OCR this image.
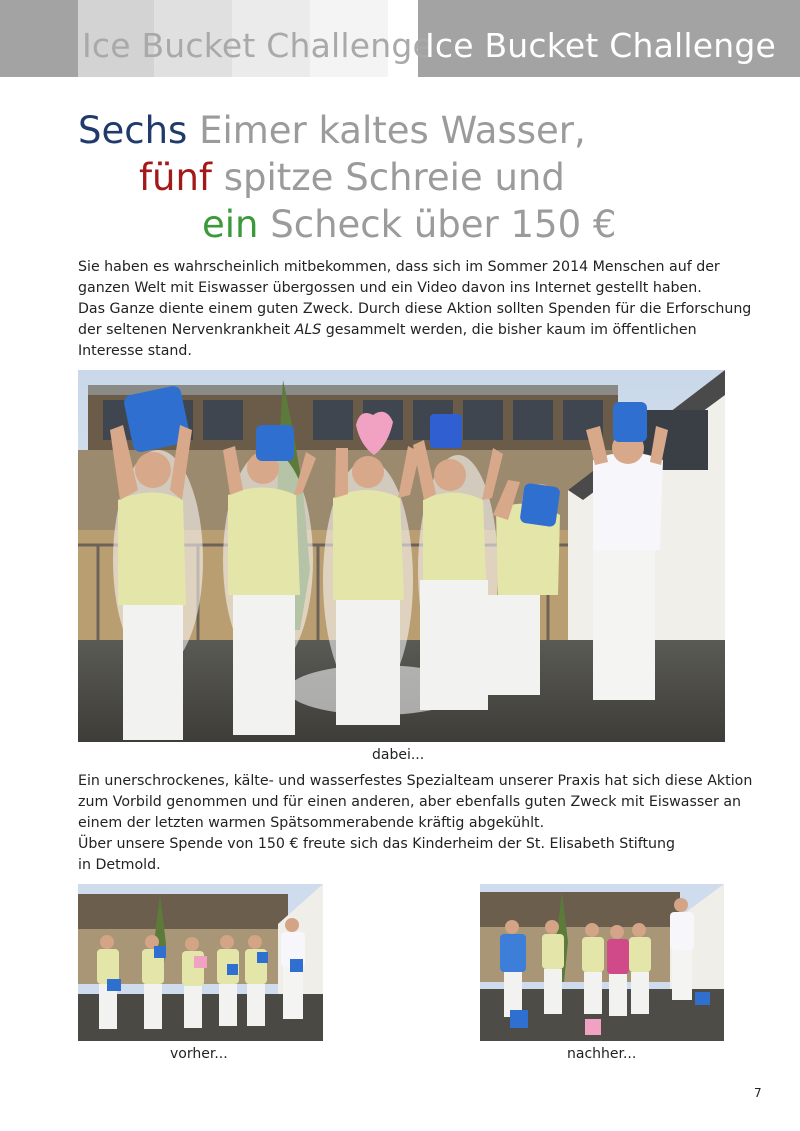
Ice Bucket Challenge
Ice Bucket Challenge
Sechs Eimer kaltes Wasser,
fünf spitze Schreie und
ein Scheck über 150 €
Sie haben es wahrscheinlich mitbekommen, dass sich im Sommer 2014 Menschen auf der
ganzen Welt mit Eiswasser übergossen und ein Video davon ins Internet gestellt haben.
Das Ganze diente einem guten Zweck. Durch diese Aktion sollten Spenden für die Erforschung
der seltenen Nervenkrankheit ALS gesammelt werden, die bisher kaum im öffentlichen
Interesse stand.
dabei...
Ein unerschrockenes, kälte- und wasserfestes Spezialteam unserer Praxis hat sich diese Aktion
zum Vorbild genommen und für einen anderen, aber ebenfalls guten Zweck mit Eiswasser an
einem der letzten warmen Spätsommerabende kräftig abgekühlt.
Über unsere Spende von 150 € freute sich das Kinderheim der St. Elisabeth Stiftung
in Detmold.
vorher...	nachher...
7
